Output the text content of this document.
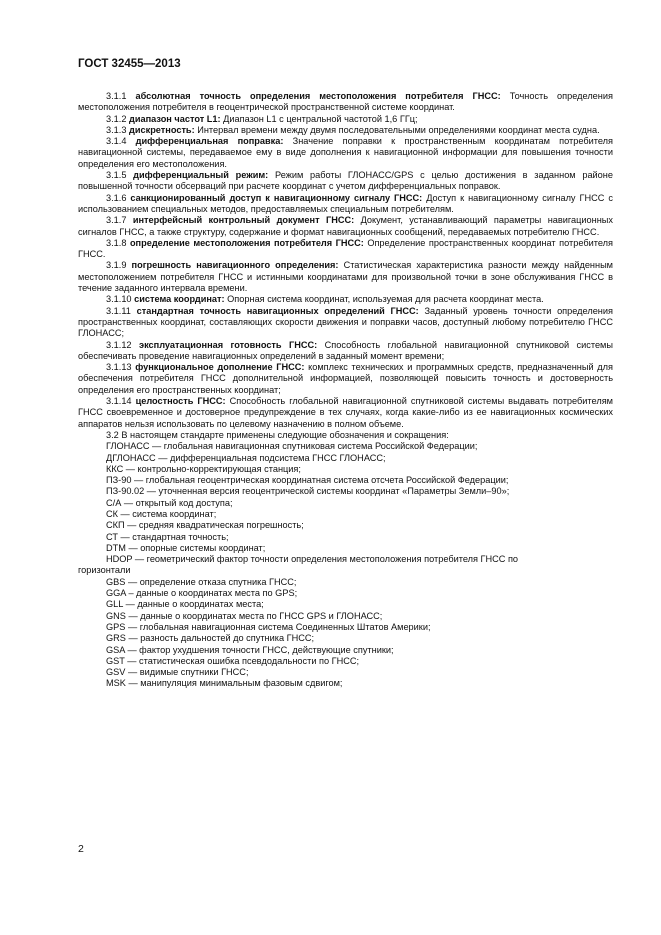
ГОСТ 32455—2013

3.1.1 абсолютная точность определения местоположения потребителя ГНСС: Точность определения местоположения потребителя в геоцентрической пространственной системе координат.

3.1.2 диапазон частот L1: Диапазон L1 с центральной частотой 1,6 ГГц;

3.1.3 дискретность: Интервал времени между двумя последовательными определениями координат места судна.

3.1.4 дифференциальная поправка: Значение поправки к пространственным координатам потребителя навигационной системы, передаваемое ему в виде дополнения к навигационной информации для повышения точности определения его местоположения.

3.1.5 дифференциальный режим: Режим работы ГЛОНАСС/GPS с целью достижения в заданном районе повышенной точности обсерваций при расчете координат с учетом дифференциальных поправок.

3.1.6 санкционированный доступ к навигационному сигналу ГНСС: Доступ к навигационному сигналу ГНСС с использованием специальных методов, предоставляемых специальным потребителям.

3.1.7 интерфейсный контрольный документ ГНСС: Документ, устанавливающий параметры навигационных сигналов ГНСС, а также структуру, содержание и формат навигационных сообщений, передаваемых потребителю ГНСС.

3.1.8 определение местоположения потребителя ГНСС: Определение пространственных координат потребителя ГНСС.

3.1.9 погрешность навигационного определения: Статистическая характеристика разности между найденным местоположением потребителя ГНСС и истинными координатами для произвольной точки в зоне обслуживания ГНСС в течение заданного интервала времени.

3.1.10 система координат: Опорная система координат, используемая для расчета координат места.

3.1.11 стандартная точность навигационных определений ГНСС: Заданный уровень точности определения пространственных координат, составляющих скорости движения и поправки часов, доступный любому потребителю ГНСС ГЛОНАСС;

3.1.12 эксплуатационная готовность ГНСС: Способность глобальной навигационной спутниковой системы обеспечивать проведение навигационных определений в заданный момент времени;

3.1.13 функциональное дополнение ГНСС: комплекс технических и программных средств, предназначенный для обеспечения потребителя ГНСС дополнительной информацией, позволяющей повысить точность и достоверность определения его пространственных координат;

3.1.14 целостность ГНСС: Способность глобальной навигационной спутниковой системы выдавать потребителям ГНСС своевременное и достоверное предупреждение в тех случаях, когда какие-либо из ее навигационных космических аппаратов нельзя использовать по целевому назначению в полном объеме.

3.2 В настоящем стандарте применены следующие обозначения и сокращения:

ГЛОНАСС — глобальная навигационная спутниковая система Российской Федерации;

ДГЛОНАСС — дифференциальная подсистема ГНСС ГЛОНАСС;

ККС — контрольно-корректирующая станция;

ПЗ-90 — глобальная геоцентрическая координатная система отсчета Российской Федерации;

ПЗ-90.02 — уточненная версия геоцентрической системы координат «Параметры Земли–90»;

С/А — открытый код доступа;

СК — система координат;

СКП — средняя квадратическая погрешность;

СТ — стандартная точность;

DTM — опорные системы координат;

HDOP — геометрический фактор точности определения местоположения потребителя ГНСС по
горизонтали

GBS — определение отказа спутника ГНСС;

GGA – данные о координатах места по GPS;

GLL — данные о координатах места;

GNS — данные о координатах места по ГНСС GPS и ГЛОНАСС;

GPS — глобальная навигационная система Соединенных Штатов Америки;

GRS — разность дальностей до спутника ГНСС;

GSA — фактор ухудшения точности ГНСС, действующие спутники;

GST — статистическая ошибка псевдодальности по ГНСС;

GSV — видимые спутники ГНСС;

MSK — манипуляция минимальным фазовым сдвигом;

2
